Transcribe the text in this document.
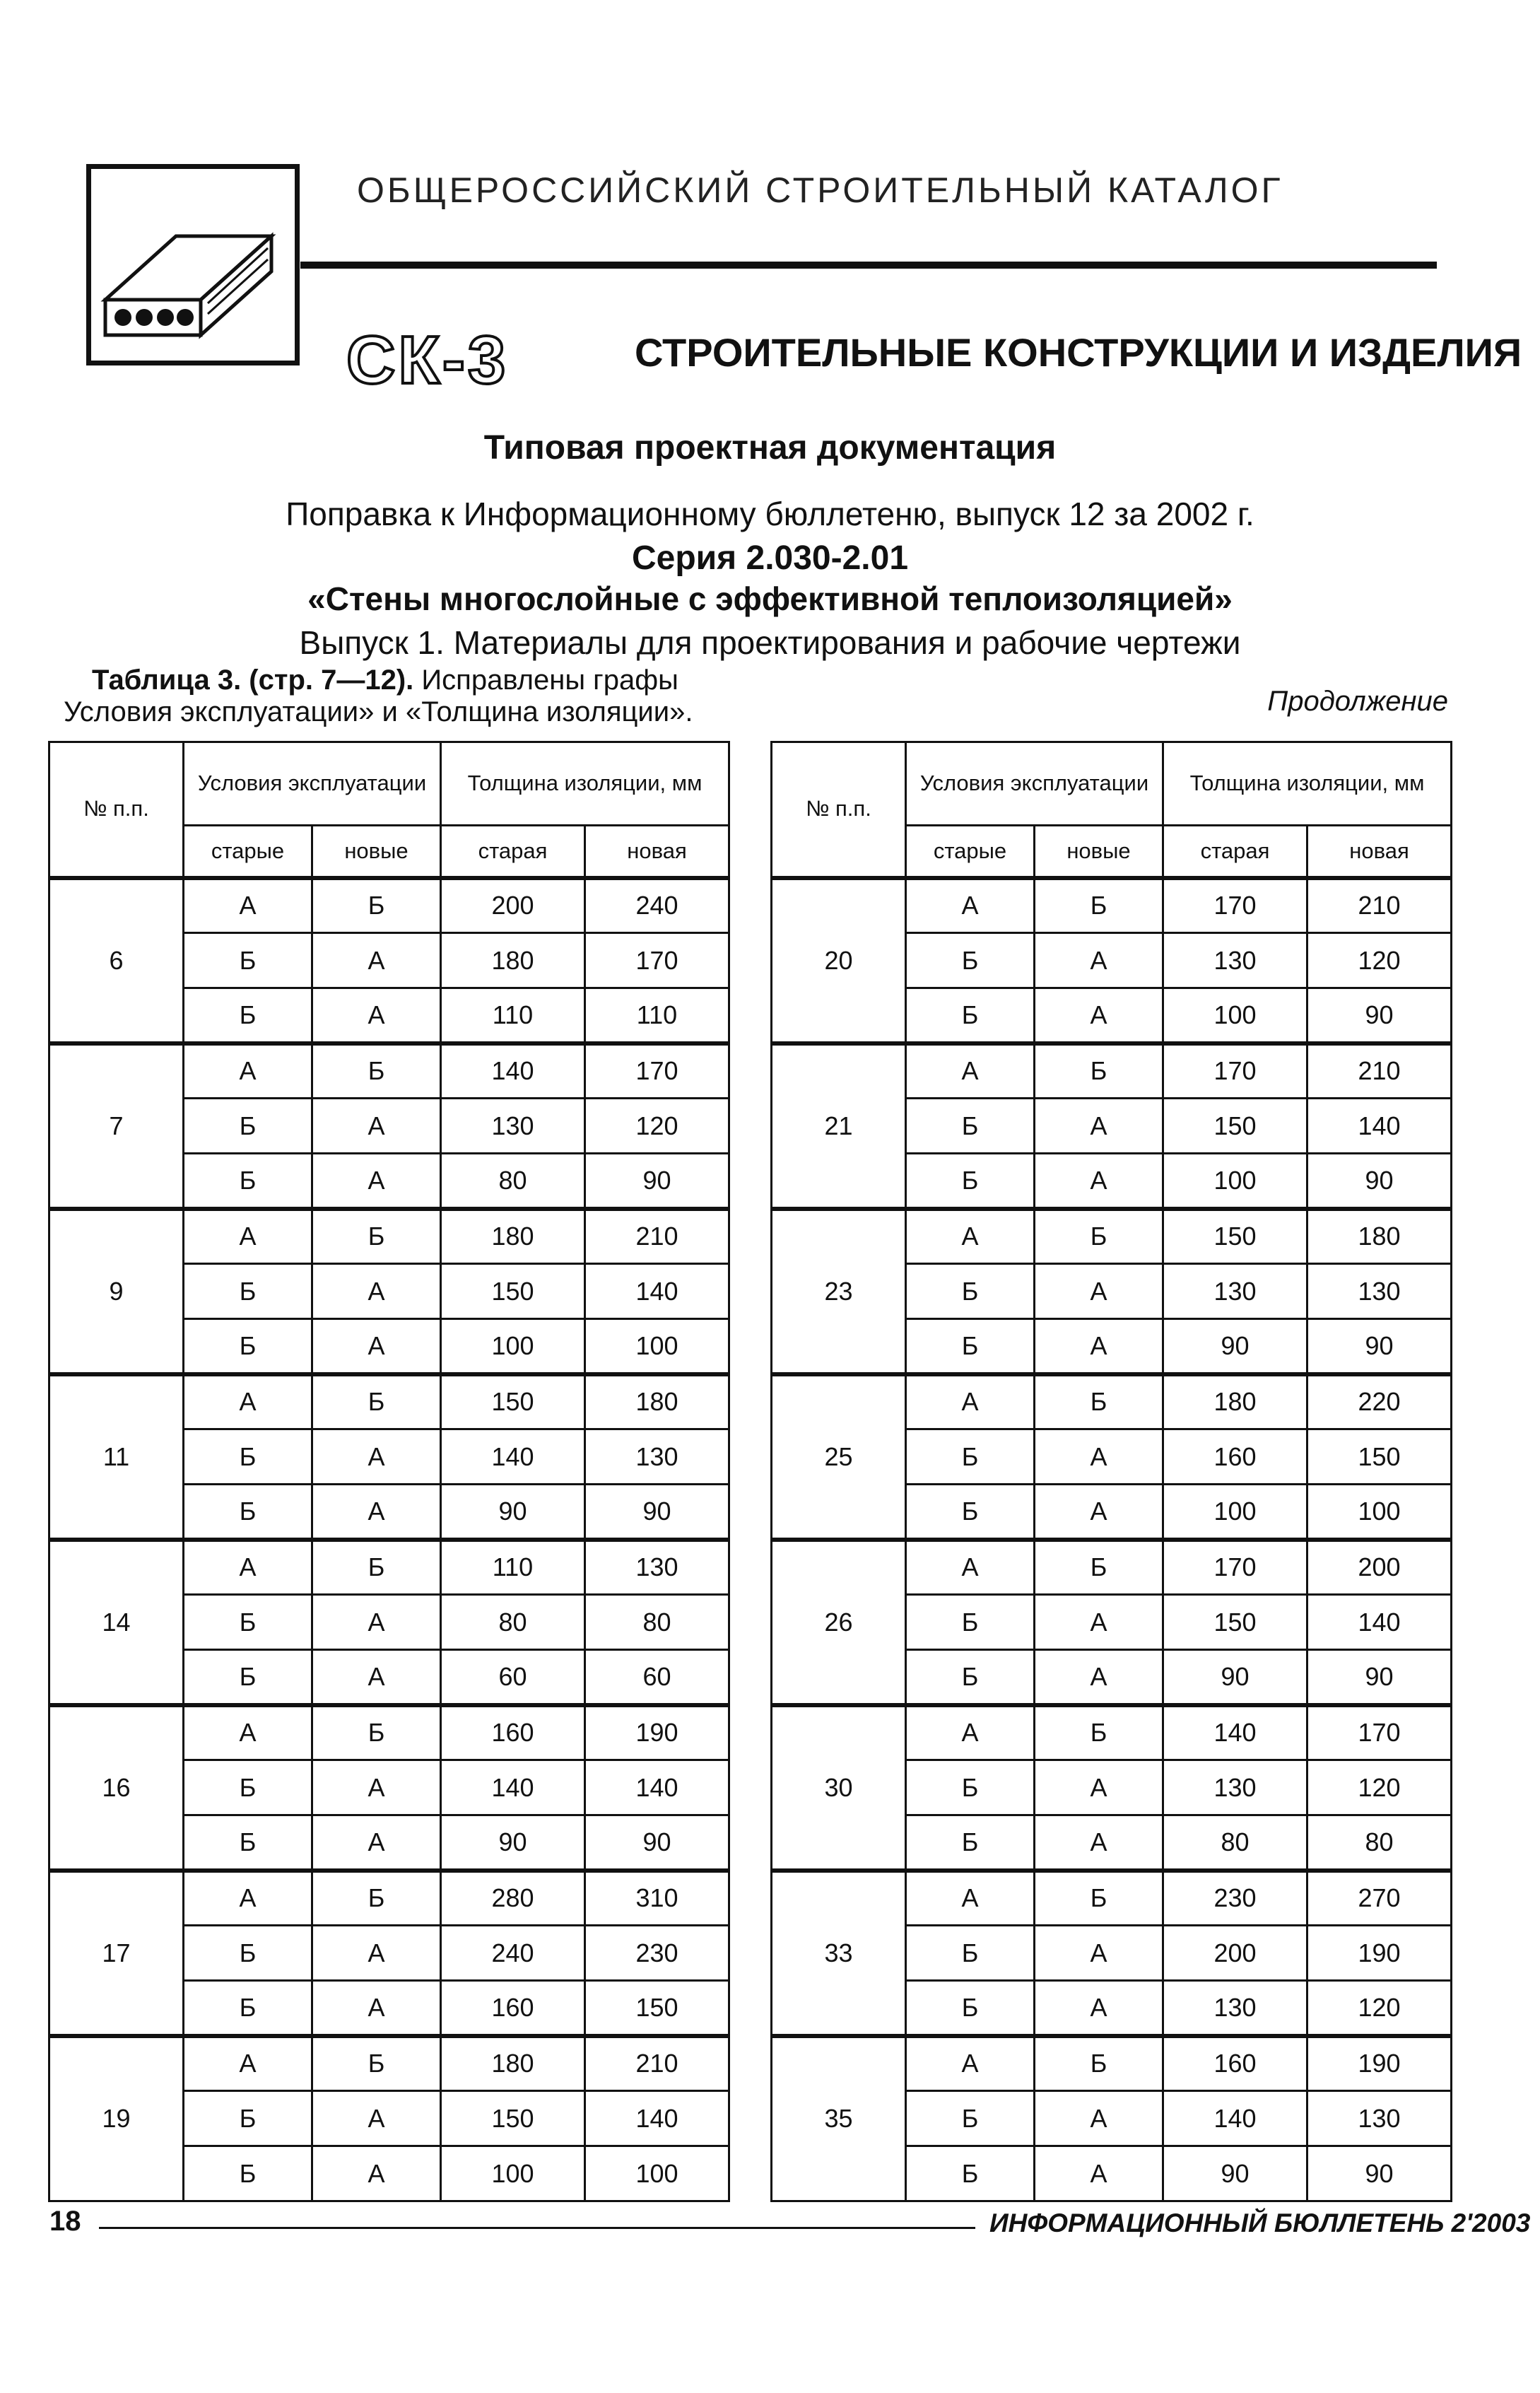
ОБЩЕРОССИЙСКИЙ СТРОИТЕЛЬНЫЙ КАТАЛОГ
СК-3	СТРОИТЕЛЬНЫЕ КОНСТРУКЦИИ И ИЗДЕЛИЯ
Типовая проектная документация
Поправка к Информационному бюллетеню, выпуск 12 за 2002 г.
Серия 2.030-2.01
«Стены многослойные с эффективной теплоизоляцией»
Выпуск 1. Материалы для проектирования и рабочие чертежи
Таблица 3. (стр. 7—12). Исправлены графы
Условия эксплуатации» и «Толщина изоляции».	Продолжение
№ п.п.	Условия эксплуатации		Толщина изоляции, мм	
	старые	новые	старая	новая
6	А	Б	200	240
	Б	А	180	170
	Б	А	110	110
7	А	Б	140	170
	Б	А	130	120
	Б	А	80	90
9	А	Б	180	210
	Б	А	150	140
	Б	А	100	100
11	А	Б	150	180
	Б	А	140	130
	Б	А	90	90
14	А	Б	110	130
	Б	А	80	80
	Б	А	60	60
16	А	Б	160	190
	Б	А	140	140
	Б	А	90	90
17	А	Б	280	310
	Б	А	240	230
	Б	А	160	150
19	А	Б	180	210
	Б	А	150	140
	Б	А	100	100
№ п.п.	Условия эксплуатации		Толщина изоляции, мм	
	старые	новые	старая	новая
20	А	Б	170	210
	Б	А	130	120
	Б	А	100	90
21	А	Б	170	210
	Б	А	150	140
	Б	А	100	90
23	А	Б	150	180
	Б	А	130	130
	Б	А	90	90
25	А	Б	180	220
	Б	А	160	150
	Б	А	100	100
26	А	Б	170	200
	Б	А	150	140
	Б	А	90	90
30	А	Б	140	170
	Б	А	130	120
	Б	А	80	80
33	А	Б	230	270
	Б	А	200	190
	Б	А	130	120
35	А	Б	160	190
	Б	А	140	130
	Б	А	90	90
18	ИНФОРМАЦИОННЫЙ БЮЛЛЕТЕНЬ 2'2003
